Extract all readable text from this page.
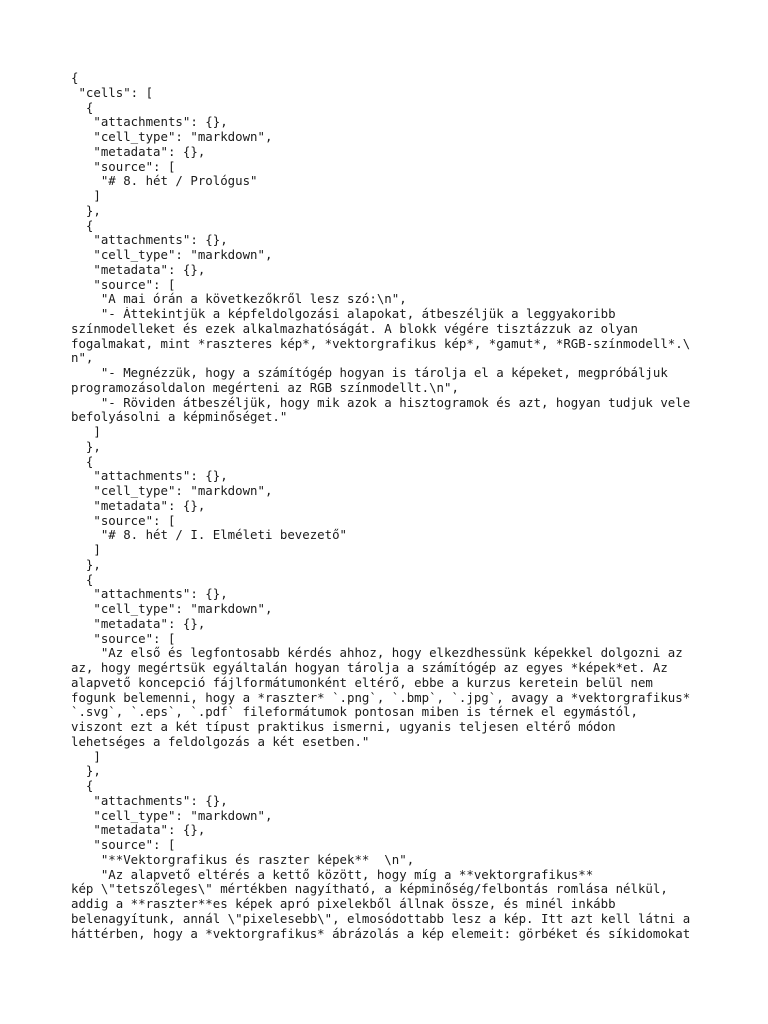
{
"cells": [
{
"attachments": {},
"cell_type": "markdown",
"metadata": {},
"source": [
"# 8. hét / Prológus"
]
},
{
"attachments": {},
"cell_type": "markdown",
"metadata": {},
"source": [
"A mai órán a következőkről lesz szó:\n",
"- Áttekintjük a képfeldolgozási alapokat, átbeszéljük a leggyakoribb
színmodelleket és ezek alkalmazhatóságát. A blokk végére tisztázzuk az olyan
fogalmakat, mint *raszteres kép*, *vektorgrafikus kép*, *gamut*, *RGB-színmodell*.\
n",
"- Megnézzük, hogy a számítógép hogyan is tárolja el a képeket, megpróbáljuk
programozásoldalon megérteni az RGB színmodellt.\n",
"- Röviden átbeszéljük, hogy mik azok a hisztogramok és azt, hogyan tudjuk vele
befolyásolni a képminőséget."
]
},
{
"attachments": {},
"cell_type": "markdown",
"metadata": {},
"source": [
"# 8. hét / I. Elméleti bevezető"
]
},
{
"attachments": {},
"cell_type": "markdown",
"metadata": {},
"source": [
"Az első és legfontosabb kérdés ahhoz, hogy elkezdhessünk képekkel dolgozni az
az, hogy megértsük egyáltalán hogyan tárolja a számítógép az egyes *képek*et. Az
alapvető koncepció fájlformátumonként eltérő, ebbe a kurzus keretein belül nem
fogunk belemenni, hogy a *raszter* `.png`, `.bmp`, `.jpg`, avagy a *vektorgrafikus*
`.svg`, `.eps`, `.pdf` fileformátumok pontosan miben is térnek el egymástól,
viszont ezt a két típust praktikus ismerni, ugyanis teljesen eltérő módon
lehetséges a feldolgozás a két esetben."
]
},
{
"attachments": {},
"cell_type": "markdown",
"metadata": {},
"source": [
"**Vektorgrafikus és raszter képek**  \n",
"Az alapvető eltérés a kettő között, hogy míg a **vektorgrafikus**
kép \"tetszőleges\" mértékben nagyítható, a képminőség/felbontás romlása nélkül,
addig a **raszter**es képek apró pixelekből állnak össze, és minél inkább
belenagyítunk, annál \"pixelesebb\", elmosódottabb lesz a kép. Itt azt kell látni a
háttérben, hogy a *vektorgrafikus* ábrázolás a kép elemeit: görbéket és síkidomokat
